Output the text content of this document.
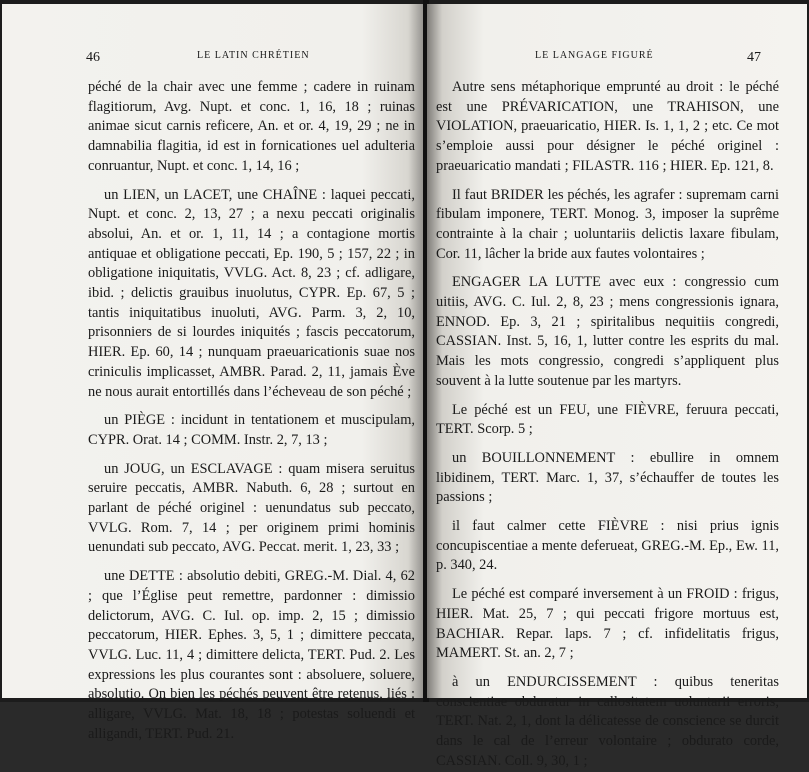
46	LE LATIN CHRÉTIEN

péché de la chair avec une femme ; cadere in ruinam flagitiorum, Avg. Nupt. et conc. 1, 16, 18 ; ruinas animae sicut carnis reficere, An. et or. 4, 19, 29 ; ne in damnabilia flagitia, id est in fornicationes uel adulteria conruantur, Nupt. et conc. 1, 14, 16 ;

un LIEN, un LACET, une CHAÎNE : laquei peccati, Nupt. et conc. 2, 13, 27 ; a nexu peccati originalis absolui, An. et or. 1, 11, 14 ; a contagione mortis antiquae et obligatione peccati, Ep. 190, 5 ; 157, 22 ; in obligatione iniquitatis, VVLG. Act. 8, 23 ; cf. adligare, ibid. ; delictis grauibus inuolutus, CYPR. Ep. 67, 5 ; tantis iniquitatibus inuoluti, AVG. Parm. 3, 2, 10, prisonniers de si lourdes iniquités ; fascis peccatorum, HIER. Ep. 60, 14 ; nunquam praeuaricationis suae nos criniculis implicasset, AMBR. Parad. 2, 11, jamais Ève ne nous aurait entortillés dans l’écheveau de son péché ;

un PIÈGE : incidunt in tentationem et muscipulam, CYPR. Orat. 14 ; COMM. Instr. 2, 7, 13 ;

un JOUG, un ESCLAVAGE : quam misera seruitus seruire peccatis, AMBR. Nabuth. 6, 28 ; surtout en parlant de péché originel : uenundatus sub peccato, VVLG. Rom. 7, 14 ; per originem primi hominis uenundati sub peccato, AVG. Peccat. merit. 1, 23, 33 ;

une DETTE : absolutio debiti, GREG.-M. Dial. 4, 62 ; que l’Église peut remettre, pardonner : dimissio delictorum, AVG. C. Iul. op. imp. 2, 15 ; dimissio peccatorum, HIER. Ephes. 3, 5, 1 ; dimittere peccata, VVLG. Luc. 11, 4 ; dimittere delicta, TERT. Pud. 2. Les expressions les plus courantes sont : absoluere, soluere, absolutio. On bien les péchés peuvent être retenus, liés : alligare, VVLG. Mat. 18, 18 ; potestas soluendi et alligandi, TERT. Pud. 21.

LE LANGAGE FIGURÉ	47

Autre sens métaphorique emprunté au droit : le péché est une PRÉVARICATION, une TRAHISON, une VIOLATION, praeuaricatio, HIER. Is. 1, 1, 2 ; etc. Ce mot s’emploie aussi pour désigner le péché originel : praeuaricatio mandati ; FILASTR. 116 ; HIER. Ep. 121, 8.

Il faut BRIDER les péchés, les agrafer : supremam carni fibulam imponere, TERT. Monog. 3, imposer la suprême contrainte à la chair ; uoluntariis delictis laxare fibulam, Cor. 11, lâcher la bride aux fautes volontaires ;

ENGAGER LA LUTTE avec eux : congressio cum uitiis, AVG. C. Iul. 2, 8, 23 ; mens congressionis ignara, ENNOD. Ep. 3, 21 ; spiritalibus nequitiis congredi, CASSIAN. Inst. 5, 16, 1, lutter contre les esprits du mal. Mais les mots congressio, congredi s’appliquent plus souvent à la lutte soutenue par les martyrs.

Le péché est un FEU, une FIÈVRE, feruura peccati, TERT. Scorp. 5 ;

un BOUILLONNEMENT : ebullire in omnem libidinem, TERT. Marc. 1, 37, s’échauffer de toutes les passions ;

il faut calmer cette FIÈVRE : nisi prius ignis concupiscentiae a mente deferueat, GREG.-M. Ep., Ew. 11, p. 340, 24.

Le péché est comparé inversement à un FROID : frigus, HIER. Mat. 25, 7 ; qui peccati frigore mortuus est, BACHIAR. Repar. laps. 7 ; cf. infidelitatis frigus, MAMERT. St. an. 2, 7 ;

à un ENDURCISSEMENT : quibus teneritas conscientiae obduratur in callositatem uoluntarii erroris, TERT. Nat. 2, 1, dont la délicatesse de conscience se durcit dans le cal de l’erreur volontaire ; obdurato corde, CASSIAN. Coll. 9, 30, 1 ;
